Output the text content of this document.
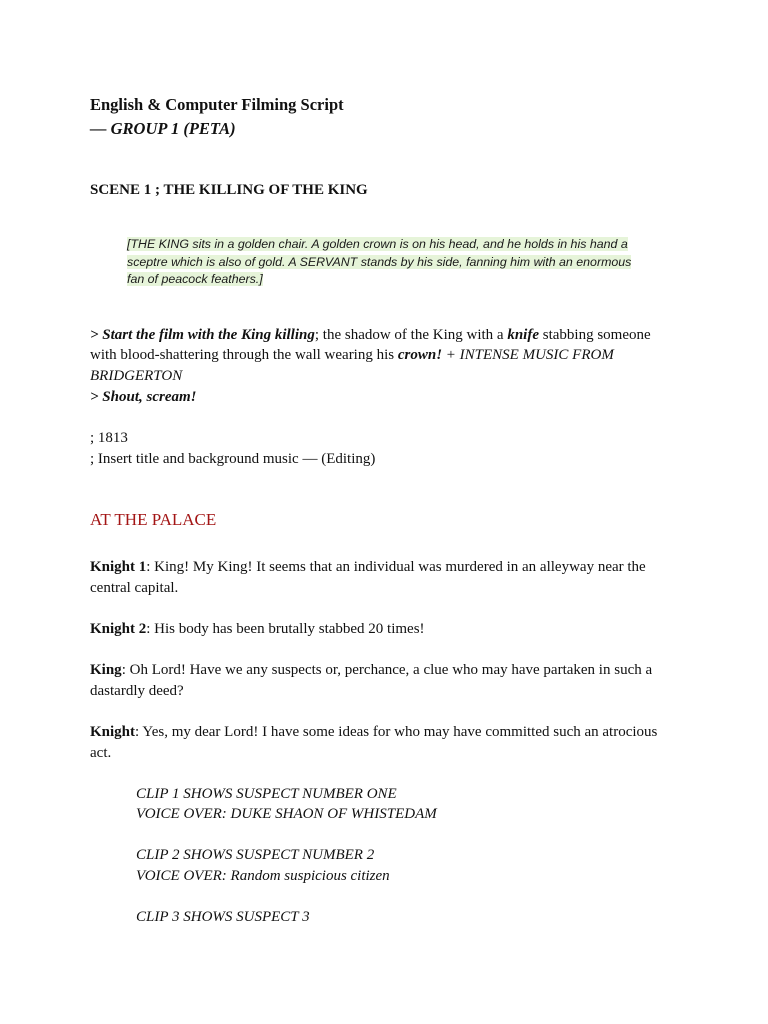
English & Computer Filming Script
— GROUP 1 (PETA)
SCENE 1 ; THE KILLING OF THE KING
[THE KING sits in a golden chair. A golden crown is on his head, and he holds in his hand a
sceptre which is also of gold. A SERVANT stands by his side, fanning him with an enormous
fan of peacock feathers.]
> Start the film with the King killing; the shadow of the King with a knife stabbing someone
with blood-shattering through the wall wearing his crown! + INTENSE MUSIC FROM
BRIDGERTON
> Shout, scream!
; 1813
; Insert title and background music — (Editing)
AT THE PALACE
Knight 1: King! My King! It seems that an individual was murdered in an alleyway near the
central capital.
Knight 2: His body has been brutally stabbed 20 times!
King: Oh Lord! Have we any suspects or, perchance, a clue who may have partaken in such a
dastardly deed?
Knight: Yes, my dear Lord! I have some ideas for who may have committed such an atrocious
act.
CLIP 1 SHOWS SUSPECT NUMBER ONE
VOICE OVER: DUKE SHAON OF WHISTEDAM
CLIP 2 SHOWS SUSPECT NUMBER 2
VOICE OVER: Random suspicious citizen
CLIP 3 SHOWS SUSPECT 3
